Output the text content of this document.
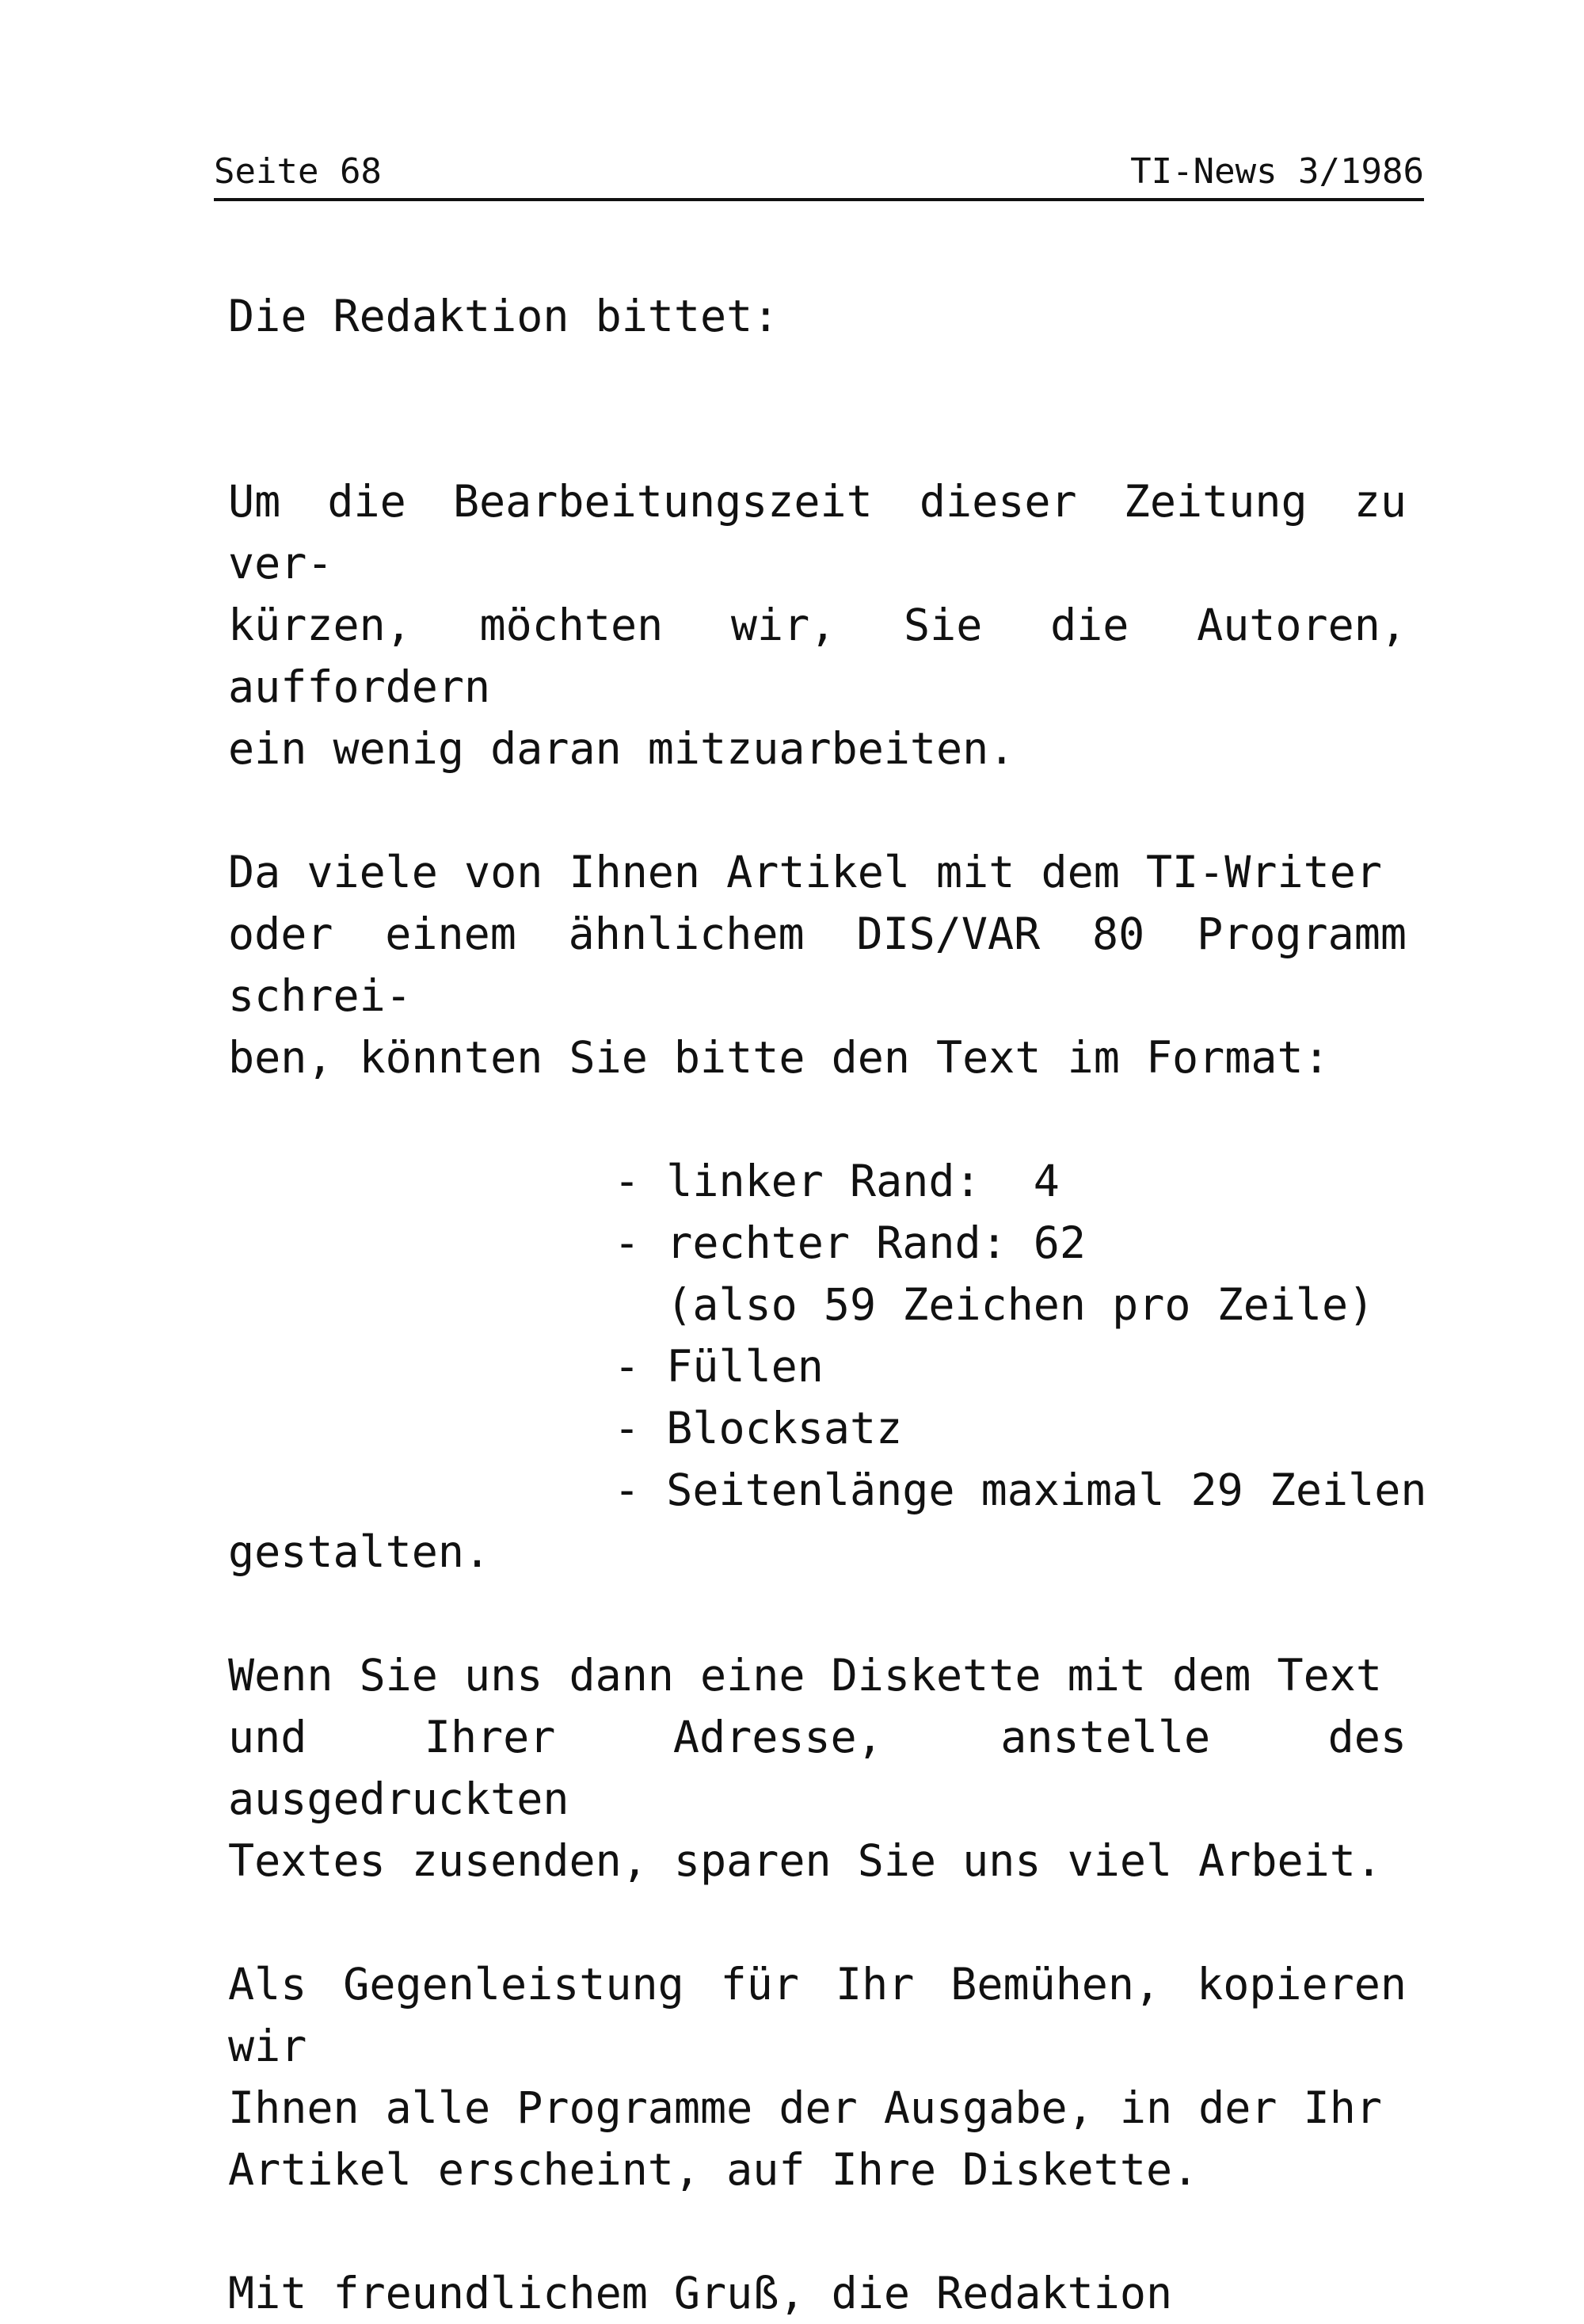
Seite 68	TI-News 3/1986

Die Redaktion bittet:

Um die Bearbeitungszeit dieser Zeitung zu ver-
kürzen, möchten wir, Sie die Autoren, auffordern
ein wenig daran mitzuarbeiten.

Da viele von Ihnen Artikel mit dem TI-Writer
oder einem ähnlichem DIS/VAR 80 Programm schrei-
ben, könnten Sie bitte den Text im Format:

- linker Rand:  4
- rechter Rand: 62
(also 59 Zeichen pro Zeile)
- Füllen
- Blocksatz
- Seitenlänge maximal 29 Zeilen

gestalten.

Wenn Sie uns dann eine Diskette mit dem Text
und Ihrer Adresse, anstelle des ausgedruckten
Textes zusenden, sparen Sie uns viel Arbeit.

Als Gegenleistung für Ihr Bemühen, kopieren wir
Ihnen alle Programme der Ausgabe, in der Ihr
Artikel erscheint, auf Ihre Diskette.

Mit freundlichem Gruß, die Redaktion
